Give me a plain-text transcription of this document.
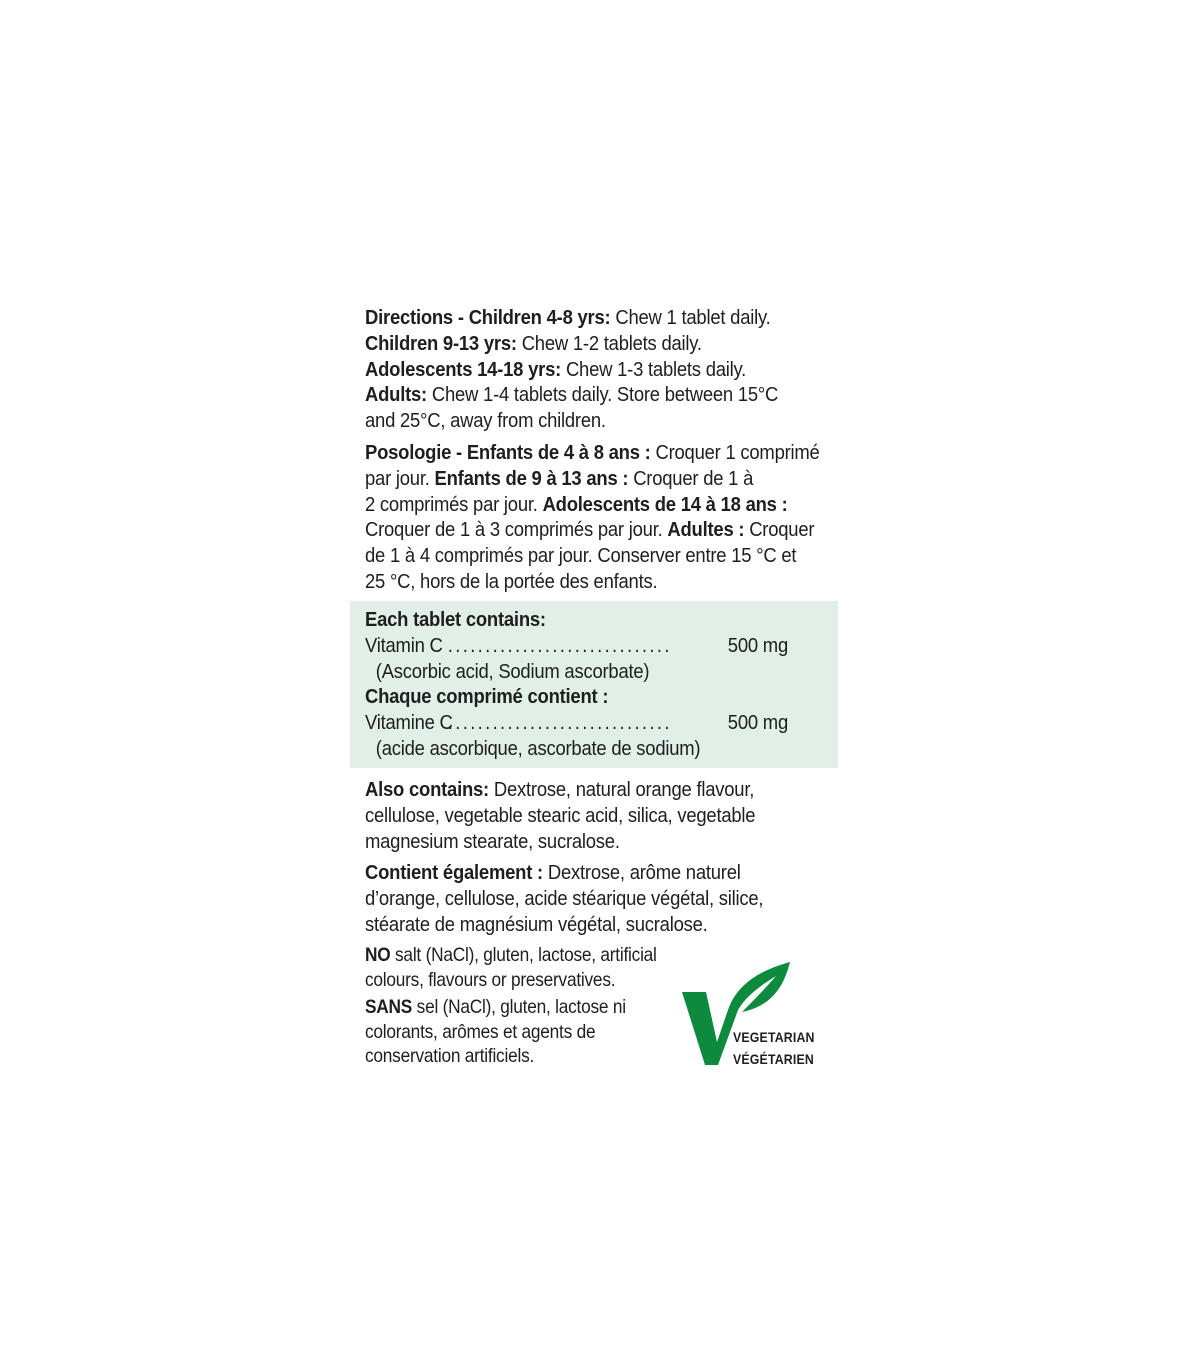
Directions - Children 4-8 yrs: Chew 1 tablet daily.

Children 9-13 yrs: Chew 1-2 tablets daily.

Adolescents 14-18 yrs: Chew 1-3 tablets daily.

Adults: Chew 1-4 tablets daily. Store between 15°C

and 25°C, away from children.

Posologie - Enfants de 4 à 8 ans : Croquer 1 comprimé

par jour. Enfants de 9 à 13 ans : Croquer de 1 à

2 comprimés par jour. Adolescents de 14 à 18 ans :

Croquer de 1 à 3 comprimés par jour. Adultes : Croquer

de 1 à 4 comprimés par jour. Conserver entre 15 °C et

25 °C, hors de la portée des enfants.

Each tablet contains:

Vitamin C ..............................	500 mg

(Ascorbic acid, Sodium ascorbate)

Chaque comprimé contient :

Vitamine C
..............................	500 mg

(acide ascorbique, ascorbate de sodium)

Also contains: Dextrose, natural orange flavour,

cellulose, vegetable stearic acid, silica, vegetable

magnesium stearate, sucralose.

Contient également : Dextrose, arôme naturel

d’orange, cellulose, acide stéarique végétal, silice,

stéarate de magnésium végétal, sucralose.

NO salt (NaCl), gluten, lactose, artificial

colours, flavours or preservatives.

SANS sel (NaCl), gluten, lactose ni

colorants, arômes et agents de

conservation artificiels.

VEGETARIAN
VÉGÉTARIEN
